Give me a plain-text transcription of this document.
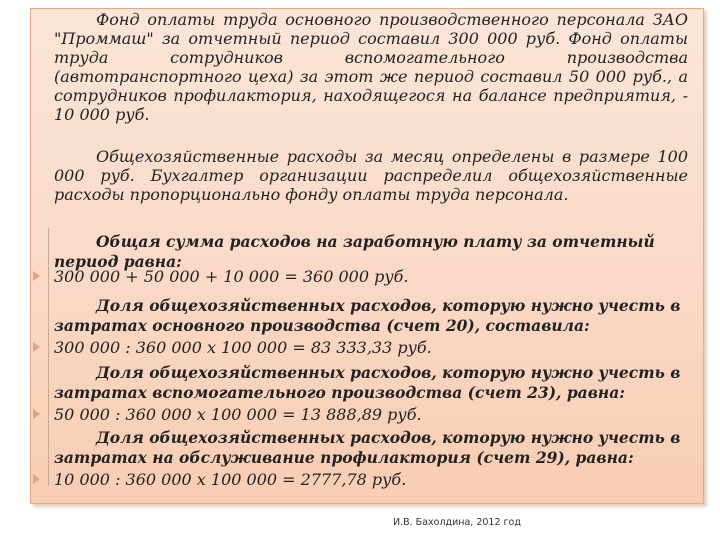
Фонд оплаты труда основного производственного персонала ЗАО "Проммаш" за отчетный период составил 300 000 руб. Фонд оплаты труда сотрудников вспомогательного производства (автотранспортного цеха) за этот же период составил 50 000 руб., а сотрудников профилактория, находящегося на балансе предприятия, - 10 000 руб.

Общехозяйственные расходы за месяц определены в размере 100 000 руб. Бухгалтер организации распределил общехозяйственные расходы пропорционально фонду оплаты труда персонала.

Общая сумма расходов на заработную плату за отчетный период равна:

300 000 + 50 000 + 10 000 = 360 000 руб.

Доля общехозяйственных расходов, которую нужно учесть в затратах основного производства (счет 20), составила:

300 000 : 360 000 x 100 000 = 83 333,33 руб.

Доля общехозяйственных расходов, которую нужно учесть в затратах вспомогательного производства (счет 23), равна:

50 000 : 360 000 x 100 000 = 13 888,89 руб.

Доля общехозяйственных расходов, которую нужно учесть в затратах на обслуживание профилактория (счет 29), равна:

10 000 : 360 000 x 100 000 = 2777,78 руб.

И.В. Бахолдина, 2012 год
